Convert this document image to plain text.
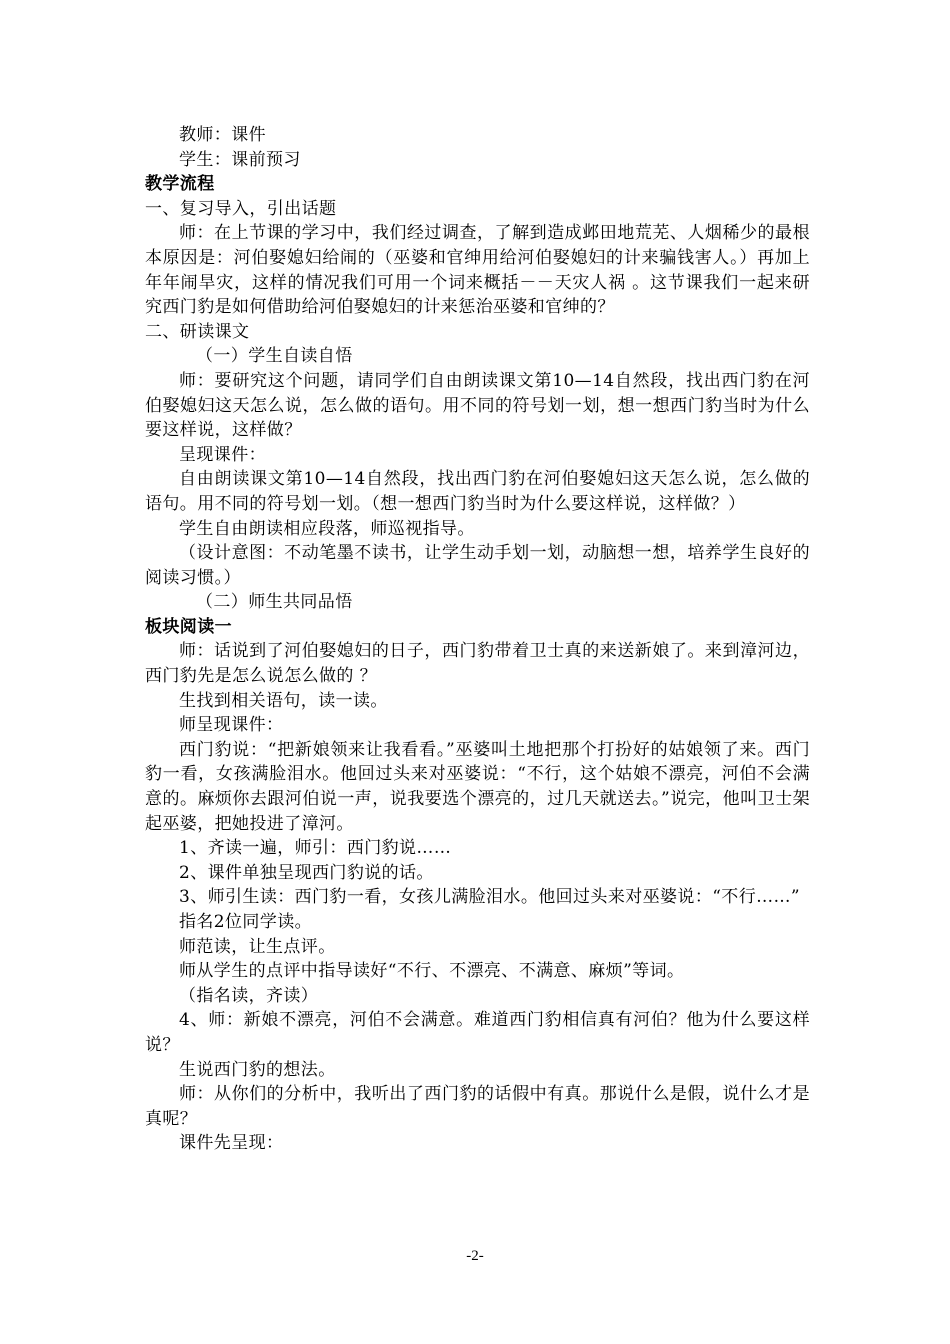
教师：课件
学生：课前预习
教学流程
一、复习导入，引出话题

师：在上节课的学习中，我们经过调查，了解到造成邺田地荒芜、人烟稀少的最根本原因是：河伯娶媳妇给闹的（巫婆和官绅用给河伯娶媳妇的计来骗钱害人。）再加上年年闹旱灾，这样的情况我们可用一个词来概括－－天灾人祸 。这节课我们一起来研究西门豹是如何借助给河伯娶媳妇的计来惩治巫婆和官绅的？

二、研读课文
（一）学生自读自悟

师：要研究这个问题，请同学们自由朗读课文第10—14自然段，找出西门豹在河伯娶媳妇这天怎么说，怎么做的语句。用不同的符号划一划，想一想西门豹当时为什么要这样说，这样做？

呈现课件：

自由朗读课文第10—14自然段，找出西门豹在河伯娶媳妇这天怎么说，怎么做的语句。用不同的符号划一划。（想一想西门豹当时为什么要这样说，这样做？）

学生自由朗读相应段落，师巡视指导。

（设计意图：不动笔墨不读书，让学生动手划一划，动脑想一想，培养学生良好的阅读习惯。）

（二）师生共同品悟
板块阅读一

师：话说到了河伯娶媳妇的日子，西门豹带着卫士真的来送新娘了。来到漳河边，西门豹先是怎么说怎么做的 ？

生找到相关语句，读一读。

师呈现课件：

西门豹说：“把新娘领来让我看看。”巫婆叫土地把那个打扮好的姑娘领了来。西门豹一看，女孩满脸泪水。他回过头来对巫婆说：“不行，这个姑娘不漂亮，河伯不会满意的。麻烦你去跟河伯说一声，说我要选个漂亮的，过几天就送去。”说完，他叫卫士架起巫婆，把她投进了漳河。

1、齐读一遍，师引：西门豹说……

2、课件单独呈现西门豹说的话。

3、师引生读：西门豹一看，女孩儿满脸泪水。他回过头来对巫婆说：“不行……”

指名2位同学读。

师范读，让生点评。

师从学生的点评中指导读好“不行、不漂亮、不满意、麻烦”等词。

（指名读，齐读）

4、师：新娘不漂亮，河伯不会满意。难道西门豹相信真有河伯？他为什么要这样说？

生说西门豹的想法。

师：从你们的分析中，我听出了西门豹的话假中有真。那说什么是假，说什么才是真呢？

课件先呈现：

-2-
